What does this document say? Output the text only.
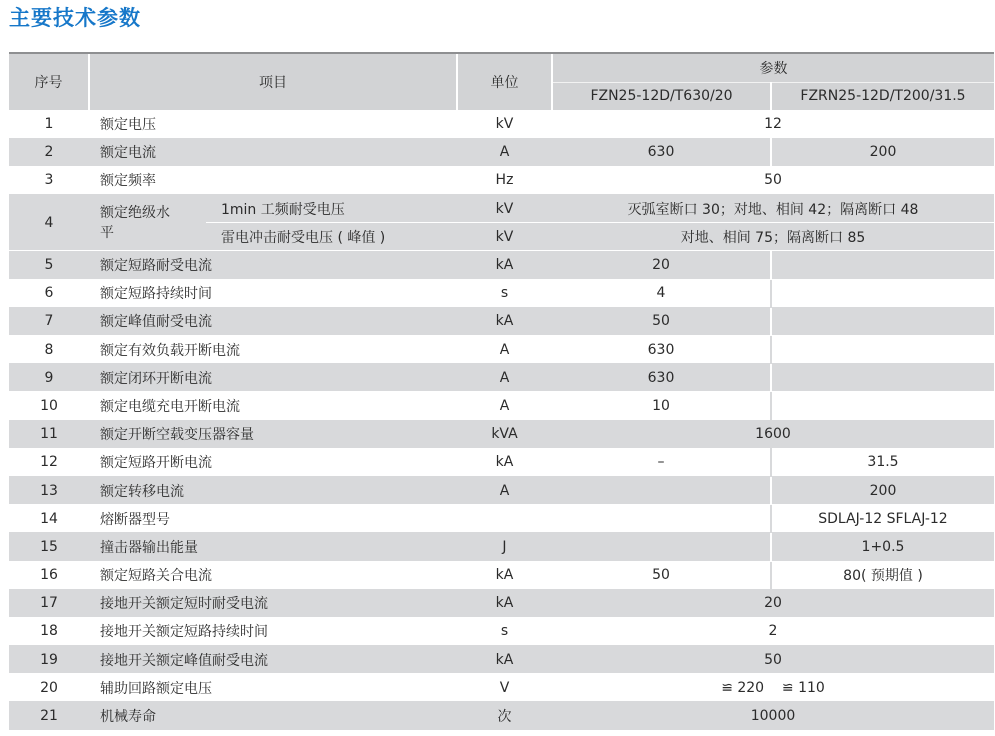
主要技术参数
序号	项目		单位	参数	
				FZN25-12D/T630/20	FZRN25-12D/T200/31.5
1	额定电压		kV	12	
2	额定电流		A	630	200
3	额定频率		Hz	50	
4	额定绝级水平	1min 工频耐受电压	kV	灭弧室断口 30；对地、相间 42；隔离断口 48	
		雷电冲击耐受电压 ( 峰值 )	kV	对地、相间 75；隔离断口 85	
5	额定短路耐受电流		kA	20	
6	额定短路持续时间		s	4	
7	额定峰值耐受电流		kA	50	
8	额定有效负载开断电流		A	630	
9	额定闭环开断电流		A	630	
10	额定电缆充电开断电流		A	10	
11	额定开断空载变压器容量		kVA	1600	
12	额定短路开断电流		kA	–	31.5
13	额定转移电流		A		200
14	熔断器型号				SDLAJ-12 SFLAJ-12
15	撞击器输出能量		J		1+0.5
16	额定短路关合电流		kA	50	80( 预期值 )
17	接地开关额定短时耐受电流		kA	20	
18	接地开关额定短路持续时间		s	2	
19	接地开关额定峰值耐受电流		kA	50	
20	辅助回路额定电压		V	≌ 220    ≌ 110	
21	机械寿命		次	10000	
